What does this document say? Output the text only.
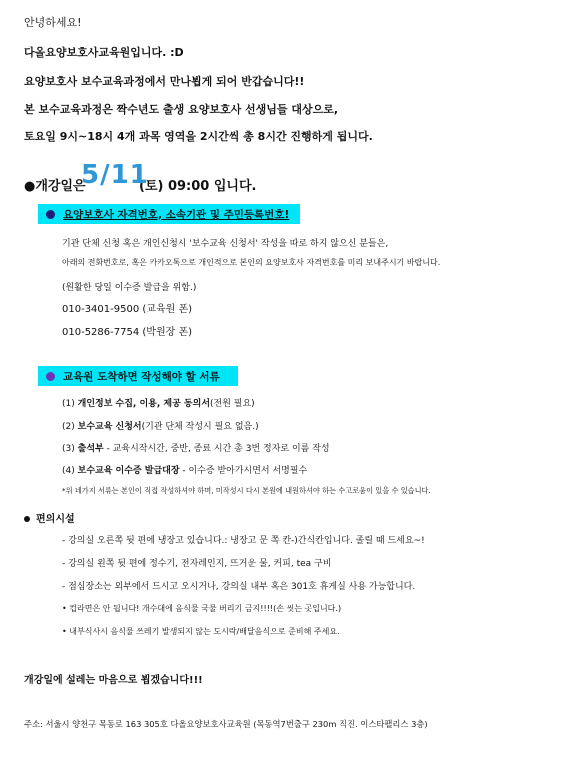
안녕하세요!
다올요양보호사교육원입니다. :D
요양보호사 보수교육과정에서 만나뵙게 되어 반갑습니다!!
본 보수교육과정은 짝수년도 출생 요양보호사 선생님들 대상으로,
토요일 9시~18시 4개 과목 영역을 2시간씩 총 8시간 진행하게 됩니다.
●개강일은	(토) 09:00 입니다.
5/11
요양보호사 자격번호, 소속기관 및 주민등록번호!
기관 단체 신청 혹은 개인신청시 '보수교육 신청서' 작성을 따로 하지 않으신 분들은,
아래의 전화번호로, 혹은 카카오톡으로 개인적으로 본인의 요양보호사 자격번호를 미리 보내주시기 바랍니다.
(원활한 당일 이수증 발급을 위함.)
010-3401-9500 (교육원 폰)
010-5286-7754 (박원장 폰)
교육원 도착하면 작성해야 할 서류
(1) 개인정보 수집, 이용, 제공 동의서(전원 필요)
(2) 보수교육 신청서(기관 단체 작성시 필요 없음.)
(3) 출석부 - 교육시작시간, 중반, 종료 시간 총 3번 정자로 이름 작성
(4) 보수교육 이수증 발급대장 - 이수증 받아가시면서 서명필수
*위 네가지 서류는 본인이 직접 작성하셔야 하며, 미작성시 다시 본원에 내원하셔야 하는 수고로움이 있을 수 있습니다.
편의시설
- 강의실 오른쪽 뒷 편에 냉장고 있습니다.: 냉장고 문 쪽 칸-)간식칸입니다. 졸릴 때 드세요~!
- 강의실 왼쪽 뒷 편에 정수기, 전자레인지, 뜨거운 물, 커피, tea 구비
- 점심장소는 외부에서 드시고 오시거나, 강의실 내부 혹은 301호 휴게실 사용 가능합니다.
• 컵라면은 안 됩니다! 개수대에 음식물 국물 버리기 금지!!!!(손 씻는 곳입니다.)
• 내부식사시 음식물 쓰레기 발생되지 않는 도시락/배달음식으로 준비해 주세요.
개강일에 설레는 마음으로 뵙겠습니다!!!
주소: 서울시 양천구 목동로 163 305호 다올요양보호사교육원 (목동역7번출구 230m 직진. 이스타팰리스 3층)
